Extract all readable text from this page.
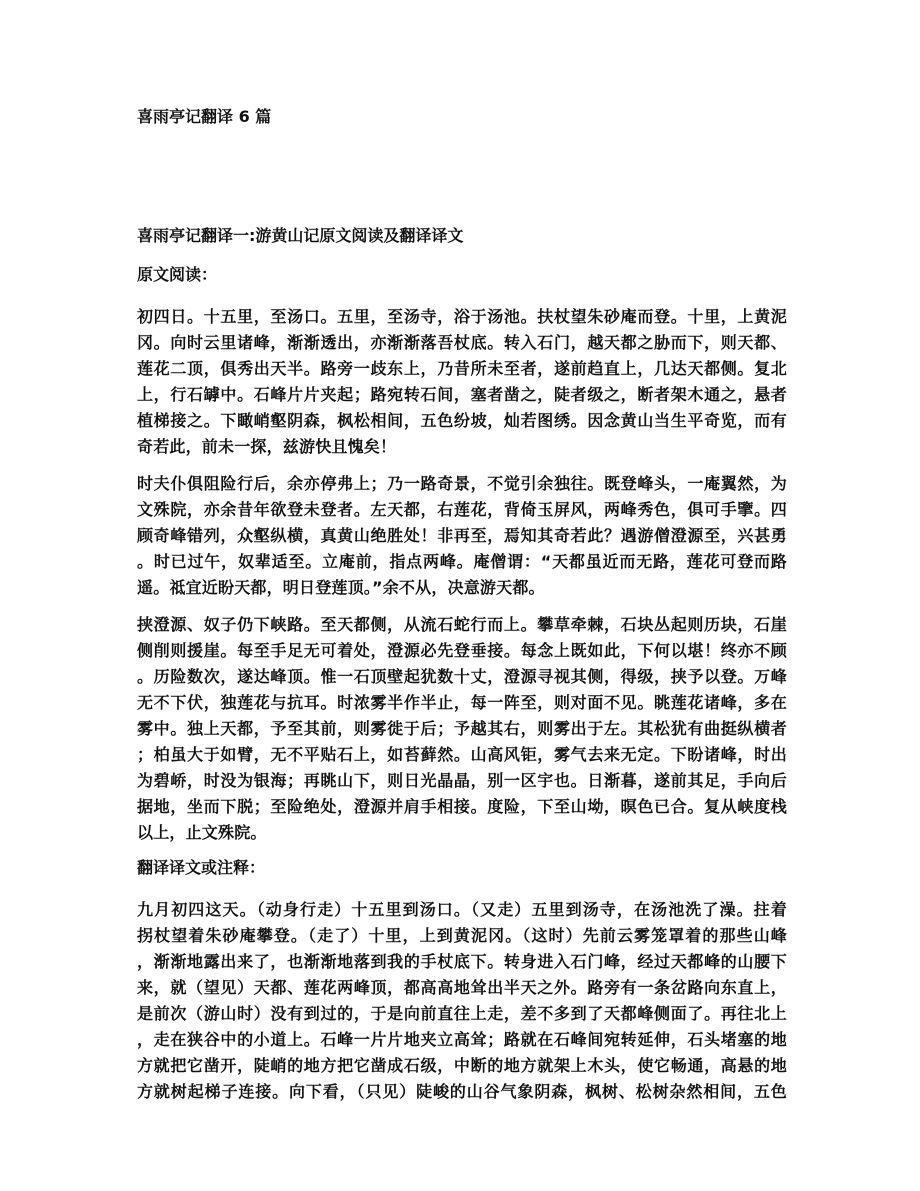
喜雨亭记翻译 6 篇
喜雨亭记翻译一:游黄山记原文阅读及翻译译文
原文阅读：
初四日。十五里，至汤口。五里，至汤寺，浴于汤池。扶杖望朱砂庵而登。十里，上黄泥
冈。向时云里诸峰，渐渐透出，亦渐渐落吾杖底。转入石门，越天都之胁而下，则天都、
莲花二顶，俱秀出天半。路旁一歧东上，乃昔所未至者，遂前趋直上，几达天都侧。复北
上，行石罅中。石峰片片夹起；路宛转石间，塞者凿之，陡者级之，断者架木通之，悬者
植梯接之。下瞰峭壑阴森，枫松相间，五色纷坡，灿若图绣。因念黄山当生平奇览，而有
奇若此，前未一探，兹游快且愧矣！
时夫仆俱阻险行后，余亦停弗上；乃一路奇景，不觉引余独往。既登峰头，一庵翼然，为
文殊院，亦余昔年欲登未登者。左天都，右莲花，背倚玉屏风，两峰秀色，俱可手擥。四
顾奇峰错列，众壑纵横，真黄山绝胜处！非再至，焉知其奇若此？遇游僧澄源至，兴甚勇
。时已过午，奴辈适至。立庵前，指点两峰。庵僧谓：“天都虽近而无路，莲花可登而路
遥。祗宜近盼天都，明日登莲顶。”余不从，决意游天都。
挟澄源、奴子仍下峡路。至天都侧，从流石蛇行而上。攀草牵棘，石块丛起则历块，石崖
侧削则援崖。每至手足无可着处，澄源必先登垂接。每念上既如此，下何以堪！终亦不顾
。历险数次，遂达峰顶。惟一石顶壁起犹数十丈，澄源寻视其侧，得级，挟予以登。万峰
无不下伏，独莲花与抗耳。时浓雾半作半止，每一阵至，则对面不见。眺莲花诸峰，多在
雾中。独上天都，予至其前，则雾徙于后；予越其右，则雾出于左。其松犹有曲挺纵横者
；柏虽大于如臂，无不平贴石上，如苔藓然。山高风钜，雾气去来无定。下盼诸峰，时出
为碧峤，时没为银海；再眺山下，则日光晶晶，别一区宇也。日渐暮，遂前其足，手向后
据地，坐而下脱；至险绝处，澄源并肩手相接。度险，下至山坳，暝色已合。复从峡度栈
以上，止文殊院。
翻译译文或注释：
九月初四这天。（动身行走）十五里到汤口。（又走）五里到汤寺，在汤池洗了澡。拄着
拐杖望着朱砂庵攀登。（走了）十里，上到黄泥冈。（这时）先前云雾笼罩着的那些山峰
，渐渐地露出来了，也渐渐地落到我的手杖底下。转身进入石门峰，经过天都峰的山腰下
来，就（望见）天都、莲花两峰顶，都高高地耸出半天之外。路旁有一条岔路向东直上，
是前次（游山时）没有到过的，于是向前直往上走，差不多到了天都峰侧面了。再往北上
，走在狭谷中的小道上。石峰一片片地夹立高耸；路就在石峰间宛转延伸，石头堵塞的地
方就把它凿开，陡峭的地方把它凿成石级，中断的地方就架上木头，使它畅通，高悬的地
方就树起梯子连接。向下看，（只见）陡峻的山谷气象阴森，枫树、松树杂然相间，五色
